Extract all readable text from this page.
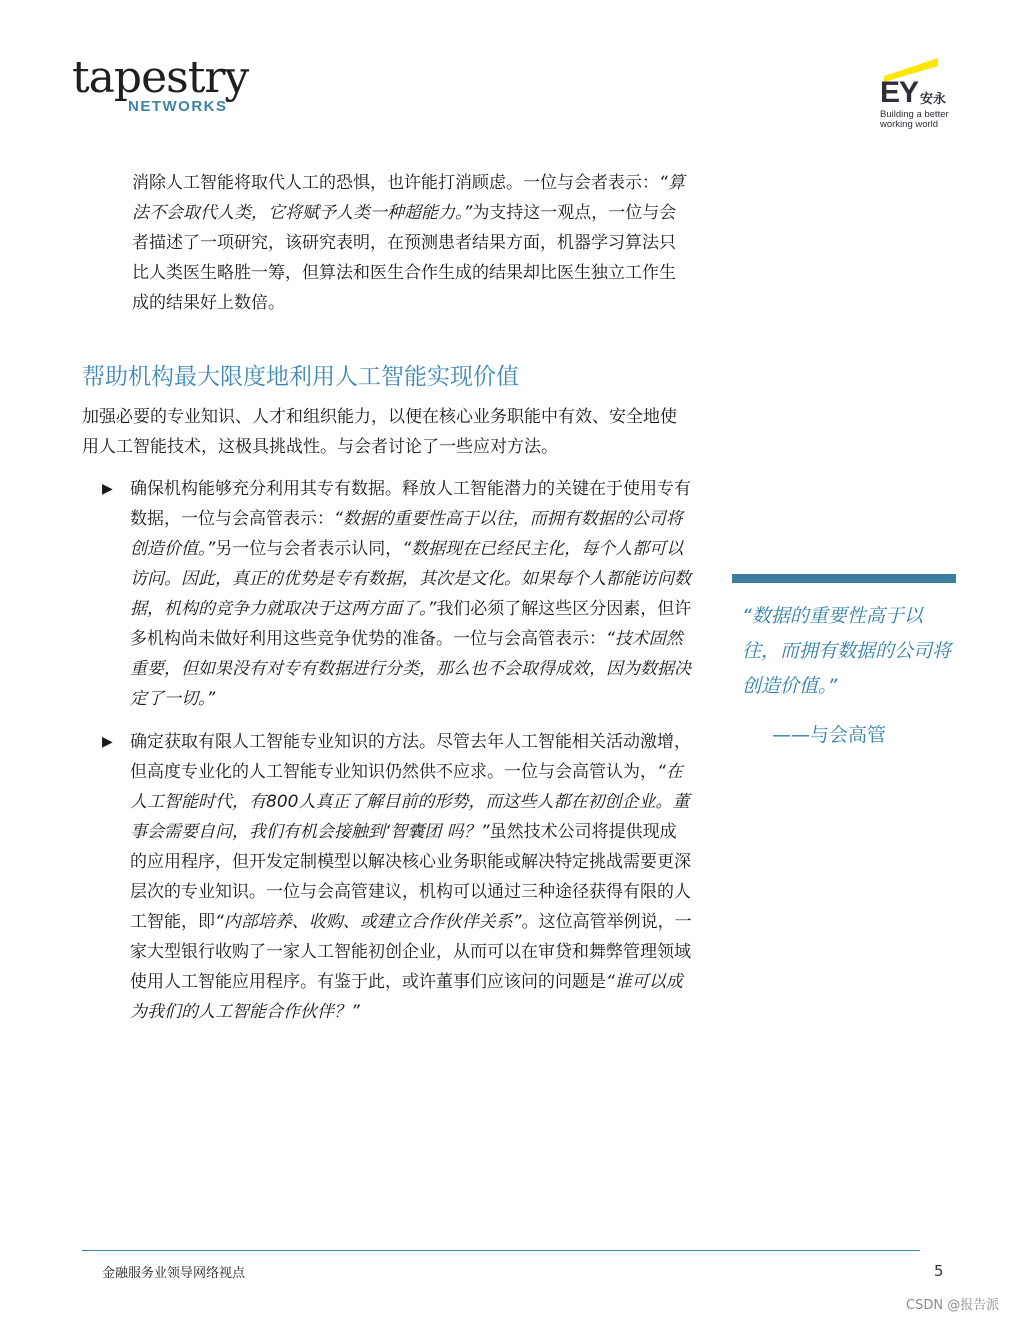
tapestry
NETWORKS	EY 安永
Building a better working world

消除人工智能将取代人工的恐惧，也许能打消顾虑。一位与会者表示：“算法不会取代人类，它将赋予人类一种超能力。”为支持这一观点，一位与会者描述了一项研究，该研究表明，在预测患者结果方面，机器学习算法只比人类医生略胜一筹，但算法和医生合作生成的结果却比医生独立工作生成的结果好上数倍。

帮助机构最大限度地利用人工智能实现价值

加强必要的专业知识、人才和组织能力，以便在核心业务职能中有效、安全地使用人工智能技术，这极具挑战性。与会者讨论了一些应对方法。

▶ 确保机构能够充分利用其专有数据。释放人工智能潜力的关键在于使用专有数据，一位与会高管表示：“数据的重要性高于以往，而拥有数据的公司将创造价值。”另一位与会者表示认同，“数据现在已经民主化，每个人都可以访问。因此，真正的优势是专有数据，其次是文化。如果每个人都能访问数据，机构的竞争力就取决于这两方面了。”我们必须了解这些区分因素，但许多机构尚未做好利用这些竞争优势的准备。一位与会高管表示：“技术固然重要，但如果没有对专有数据进行分类，那么也不会取得成效，因为数据决定了一切。”
▶ 确定获取有限人工智能专业知识的方法。尽管去年人工智能相关活动激增，但高度专业化的人工智能专业知识仍然供不应求。一位与会高管认为，“在人工智能时代，有800人真正了解目前的形势，而这些人都在初创企业。董事会需要自问，我们有机会接触到‘智囊团 吗？”虽然技术公司将提供现成的应用程序，但开发定制模型以解决核心业务职能或解决特定挑战需要更深层次的专业知识。一位与会高管建议，机构可以通过三种途径获得有限的人工智能，即“内部培养、收购、或建立合作伙伴关系”。这位高管举例说，一家大型银行收购了一家人工智能初创企业，从而可以在审贷和舞弊管理领域使用人工智能应用程序。有鉴于此，或许董事们应该问的问题是“谁可以成为我们的人工智能合作伙伴？”
“数据的重要性高于以往，而拥有数据的公司将创造价值。”
——与会高管
金融服务业领导网络视点	5
CSDN @报告派
